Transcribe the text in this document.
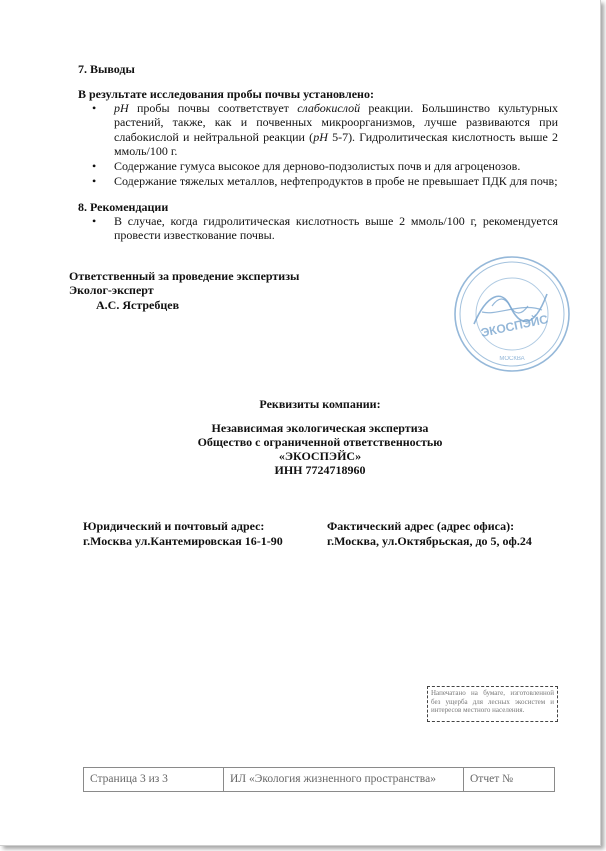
7. Выводы
В результате исследования пробы почвы установлено:
• pH пробы почвы соответствует слабокислой реакции. Большинство культурных растений, также, как и почвенных микроорганизмов, лучше развиваются при слабокислой и нейтральной реакции (pH 5-7). Гидролитическая кислотность выше 2 ммоль/100 г.
• Содержание гумуса высокое для дерново-подзолистых почв и для агроценозов.
• Содержание тяжелых металлов, нефтепродуктов в пробе не превышает ПДК для почв;
8. Рекомендации
• В случае, когда гидролитическая кислотность выше 2 ммоль/100 г, рекомендуется провести известкование почвы.
Ответственный за проведение экспертизы
Эколог-эксперт
А.С. Ястребцев
ЭКОСПЭЙС
МОСКВА
Реквизиты компании:
Независимая экологическая экспертиза
Общество с ограниченной ответственностью
«ЭКОСПЭЙС»
ИНН 7724718960
Юридический и почтовый адрес:
г.Москва ул.Кантемировская 16-1-90
Фактический адрес (адрес офиса):
г.Москва, ул.Октябрьская, до 5, оф.24
Напечатано на бумаге, изготовленной без ущерба для лесных экосистем и интересов местного населения.
Страница 3 из 3	ИЛ «Экология жизненного пространства»	Отчет №
